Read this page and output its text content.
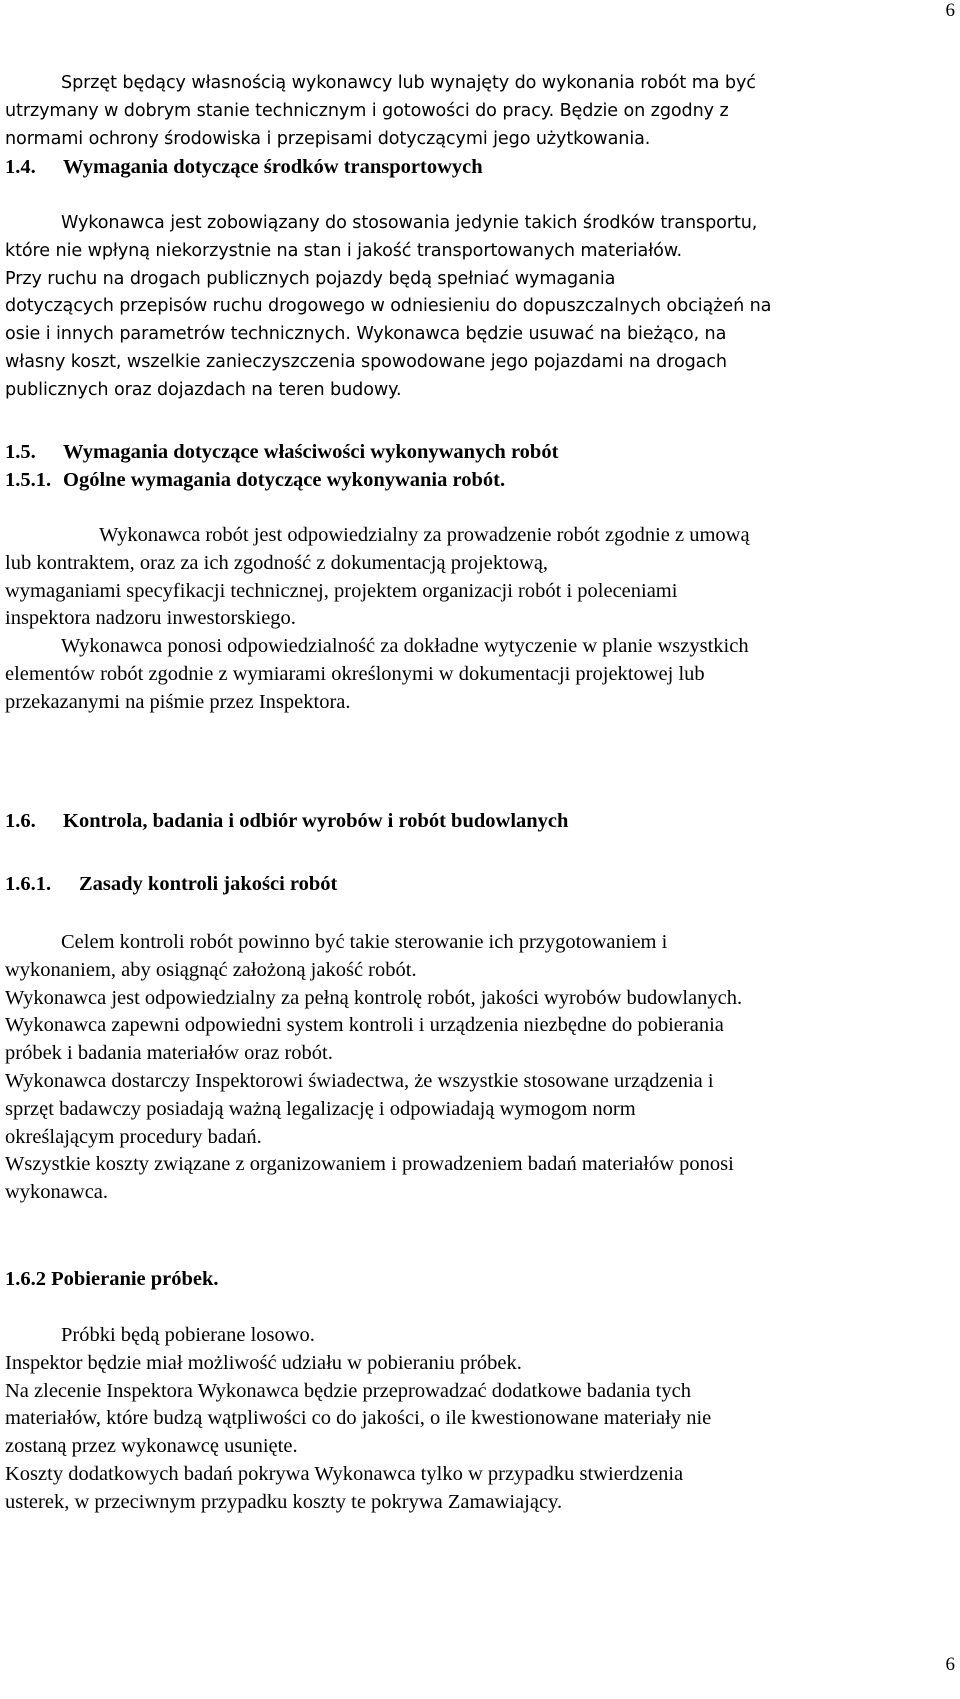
6
Sprzęt będący własnością wykonawcy lub wynajęty do wykonania robót ma być
utrzymany w dobrym stanie technicznym i gotowości do pracy. Będzie on zgodny z
normami ochrony środowiska i przepisami dotyczącymi jego użytkowania.
1.4. Wymagania dotyczące środków transportowych
Wykonawca jest zobowiązany do stosowania jedynie takich środków transportu,
które nie wpłyną niekorzystnie na stan i jakość transportowanych materiałów.
Przy ruchu na drogach publicznych pojazdy będą spełniać wymagania
dotyczących przepisów ruchu drogowego w odniesieniu do dopuszczalnych obciążeń na
osie i innych parametrów technicznych. Wykonawca będzie usuwać na bieżąco, na
własny koszt, wszelkie zanieczyszczenia spowodowane jego pojazdami na drogach
publicznych oraz dojazdach na teren budowy.
1.5. Wymagania dotyczące właściwości wykonywanych robót
1.5.1. Ogólne wymagania dotyczące wykonywania robót.
Wykonawca robót jest odpowiedzialny za prowadzenie robót zgodnie z umową
lub kontraktem, oraz za ich zgodność z dokumentacją projektową,
wymaganiami specyfikacji technicznej, projektem organizacji robót i poleceniami
inspektora nadzoru inwestorskiego.
Wykonawca ponosi odpowiedzialność za dokładne wytyczenie w planie wszystkich
elementów robót zgodnie z wymiarami określonymi w dokumentacji projektowej lub
przekazanymi na piśmie przez Inspektora.
1.6. Kontrola, badania i odbiór wyrobów i robót budowlanych
1.6.1. Zasady kontroli jakości robót
Celem kontroli robót powinno być takie sterowanie ich przygotowaniem i
wykonaniem, aby osiągnąć założoną jakość robót.
Wykonawca jest odpowiedzialny za pełną kontrolę robót, jakości wyrobów budowlanych.
Wykonawca zapewni odpowiedni system kontroli i urządzenia niezbędne do pobierania
próbek i badania materiałów oraz robót.
Wykonawca dostarczy Inspektorowi świadectwa, że wszystkie stosowane urządzenia i
sprzęt badawczy posiadają ważną legalizację i odpowiadają wymogom norm
określającym procedury badań.
Wszystkie koszty związane z organizowaniem i prowadzeniem badań materiałów ponosi
wykonawca.
1.6.2 Pobieranie próbek.
Próbki będą pobierane losowo.
Inspektor będzie miał możliwość udziału w pobieraniu próbek.
Na zlecenie Inspektora Wykonawca będzie przeprowadzać dodatkowe badania tych
materiałów, które budzą wątpliwości co do jakości, o ile kwestionowane materiały nie
zostaną przez wykonawcę usunięte.
Koszty dodatkowych badań pokrywa Wykonawca tylko w przypadku stwierdzenia
usterek, w przeciwnym przypadku koszty te pokrywa Zamawiający.
6
